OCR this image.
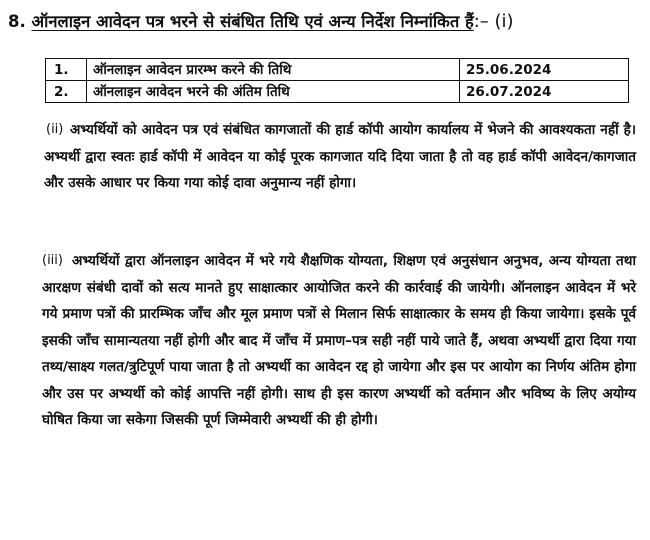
8. ऑनलाइन आवेदन पत्र भरने से संबंधित तिथि एवं अन्य निर्देश निम्नांकित हैं:– (i)
1.	ऑनलाइन आवेदन प्रारम्भ करने की तिथि	25.06.2024
2.	ऑनलाइन आवेदन भरने की अंतिम तिथि	26.07.2024
(ii) अभ्यर्थियों को आवेदन पत्र एवं संबंधित कागजातों की हार्ड कॉपी आयोग कार्यालय में भेजने की आवश्यकता नहीं है। अभ्यर्थी द्वारा स्वतः हार्ड कॉपी में आवेदन या कोई पूरक कागजात यदि दिया जाता है तो वह हार्ड कॉपी आवेदन/कागजात और उसके आधार पर किया गया कोई दावा अनुमान्य नहीं होगा।
(iii) अभ्यर्थियों द्वारा ऑनलाइन आवेदन में भरे गये शैक्षणिक योग्यता, शिक्षण एवं अनुसंधान अनुभव, अन्य योग्यता तथा आरक्षण संबंधी दावों को सत्य मानते हुए साक्षात्कार आयोजित करने की कार्रवाई की जायेगी। ऑनलाइन आवेदन में भरे गये प्रमाण पत्रों की प्रारम्भिक जाँच और मूल प्रमाण पत्रों से मिलान सिर्फ साक्षात्कार के समय ही किया जायेगा। इसके पूर्व इसकी जाँच सामान्यतया नहीं होगी और बाद में जाँच में प्रमाण–पत्र सही नहीं पाये जाते हैं, अथवा अभ्यर्थी द्वारा दिया गया तथ्य/साक्ष्य गलत/त्रुटिपूर्ण पाया जाता है तो अभ्यर्थी का आवेदन रद्द हो जायेगा और इस पर आयोग का निर्णय अंतिम होगा और उस पर अभ्यर्थी को कोई आपत्ति नहीं होगी। साथ ही इस कारण अभ्यर्थी को वर्तमान और भविष्य के लिए अयोग्य घोषित किया जा सकेगा जिसकी पूर्ण जिम्मेवारी अभ्यर्थी की ही होगी।
